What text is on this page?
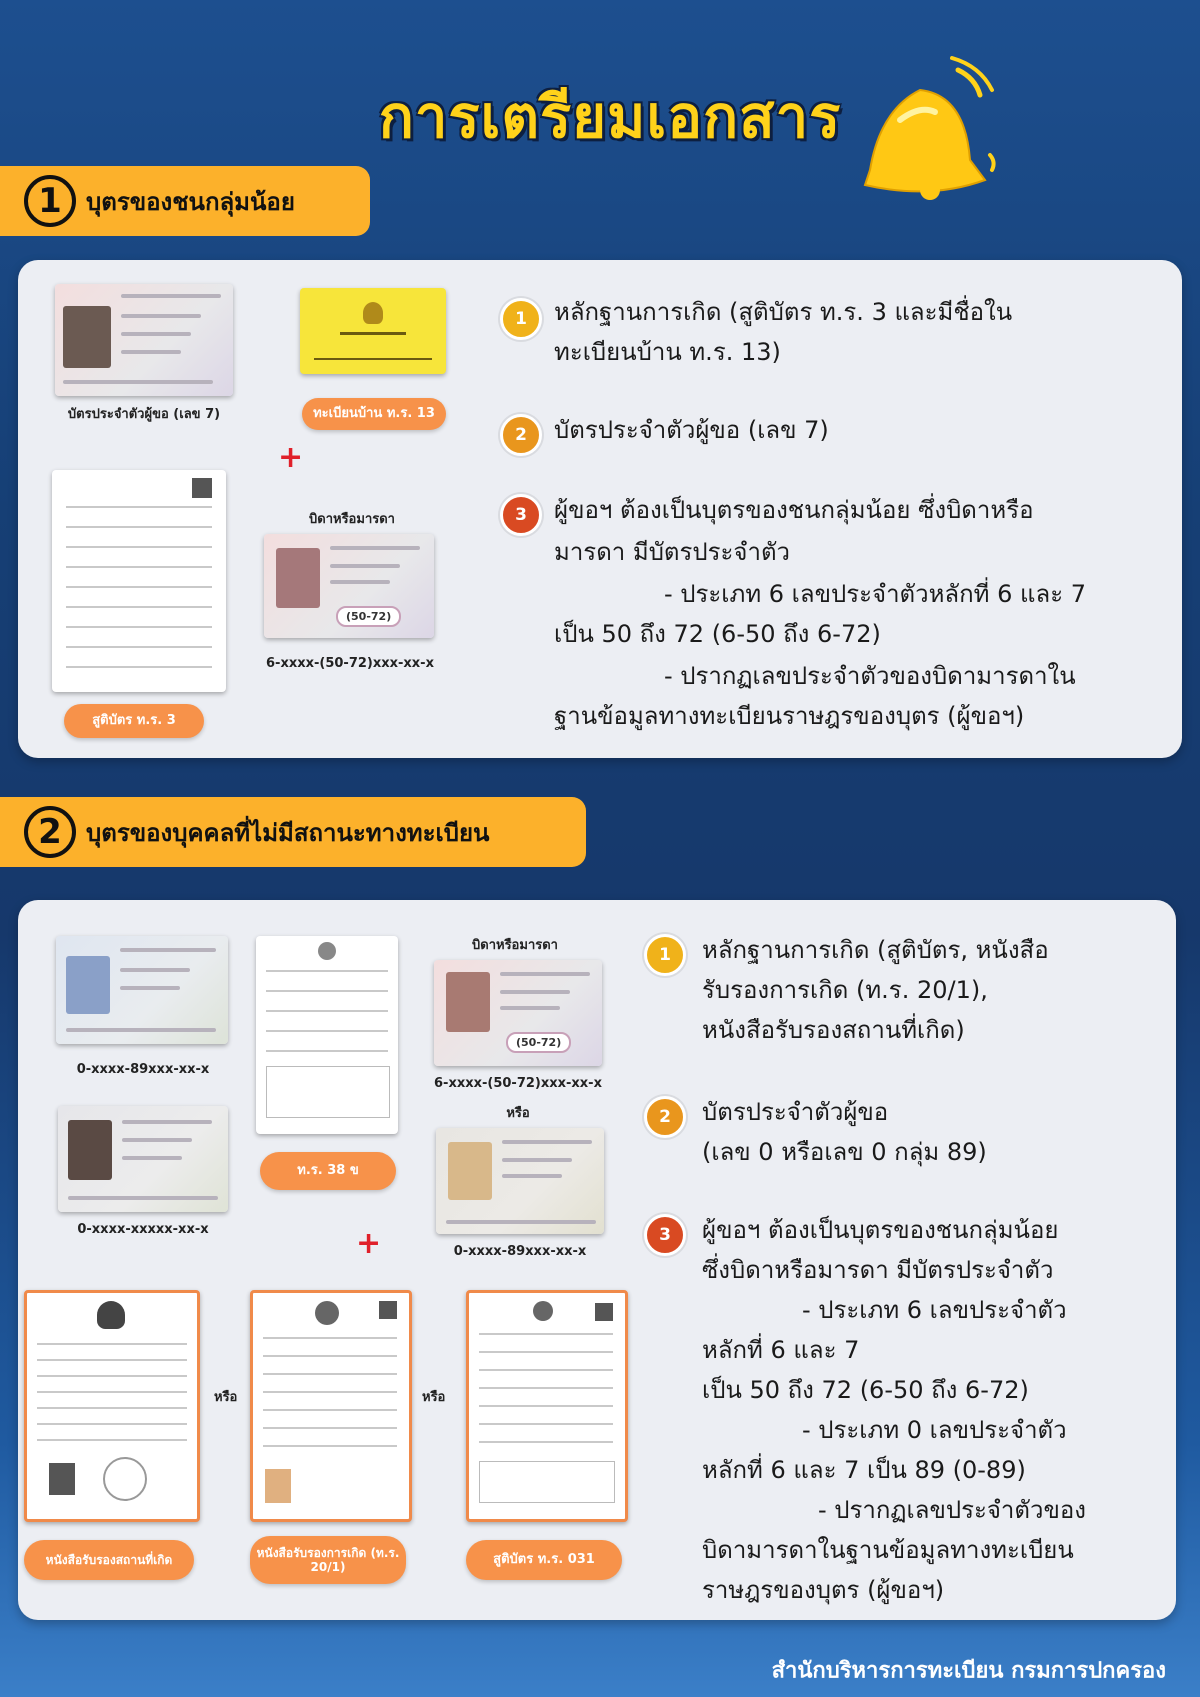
การเตรียมเอกสาร
1	บุตรของชนกลุ่มน้อย
บัตรประจำตัวผู้ขอ (เลข 7)	ทะเบียนบ้าน ท.ร. 13
+
สูติบัตร ท.ร. 3
บิดาหรือมารดา
(50-72)
6-xxxx-(50-72)xxx-xx-x
1	หลักฐานการเกิด (สูติบัตร ท.ร. 3 และมีชื่อใน
ทะเบียนบ้าน ท.ร. 13)
2	บัตรประจำตัวผู้ขอ (เลข 7)
3	ผู้ขอฯ ต้องเป็นบุตรของชนกลุ่มน้อย ซึ่งบิดาหรือ
มารดา มีบัตรประจำตัว
- ประเภท 6 เลขประจำตัวหลักที่ 6 และ 7
เป็น 50 ถึง 72 (6-50 ถึง 6-72)
- ปรากฏเลขประจำตัวของบิดามารดาใน
ฐานข้อมูลทางทะเบียนราษฎรของบุตร (ผู้ขอฯ)
2	บุตรของบุคคลที่ไม่มีสถานะทางทะเบียน
0-xxxx-89xxx-xx-x
0-xxxx-xxxxx-xx-x
ท.ร. 38 ข
บิดาหรือมารดา
(50-72)
6-xxxx-(50-72)xxx-xx-x
หรือ
0-xxxx-89xxx-xx-x
+
หรือ	หรือ
หนังสือรับรองสถานที่เกิด
หนังสือรับรองการเกิด (ท.ร. 20/1)	สูติบัตร ท.ร. 031
1	หลักฐานการเกิด (สูติบัตร, หนังสือ
รับรองการเกิด (ท.ร. 20/1),
หนังสือรับรองสถานที่เกิด)
2	บัตรประจำตัวผู้ขอ
(เลข 0 หรือเลข 0 กลุ่ม 89)
3	ผู้ขอฯ ต้องเป็นบุตรของชนกลุ่มน้อย
ซึ่งบิดาหรือมารดา มีบัตรประจำตัว
- ประเภท 6 เลขประจำตัว
หลักที่ 6 และ 7
เป็น 50 ถึง 72 (6-50 ถึง 6-72)
- ประเภท 0 เลขประจำตัว
หลักที่ 6 และ 7 เป็น 89 (0-89)
- ปรากฏเลขประจำตัวของ
บิดามารดาในฐานข้อมูลทางทะเบียน
ราษฎรของบุตร (ผู้ขอฯ)
สำนักบริหารการทะเบียน กรมการปกครอง
